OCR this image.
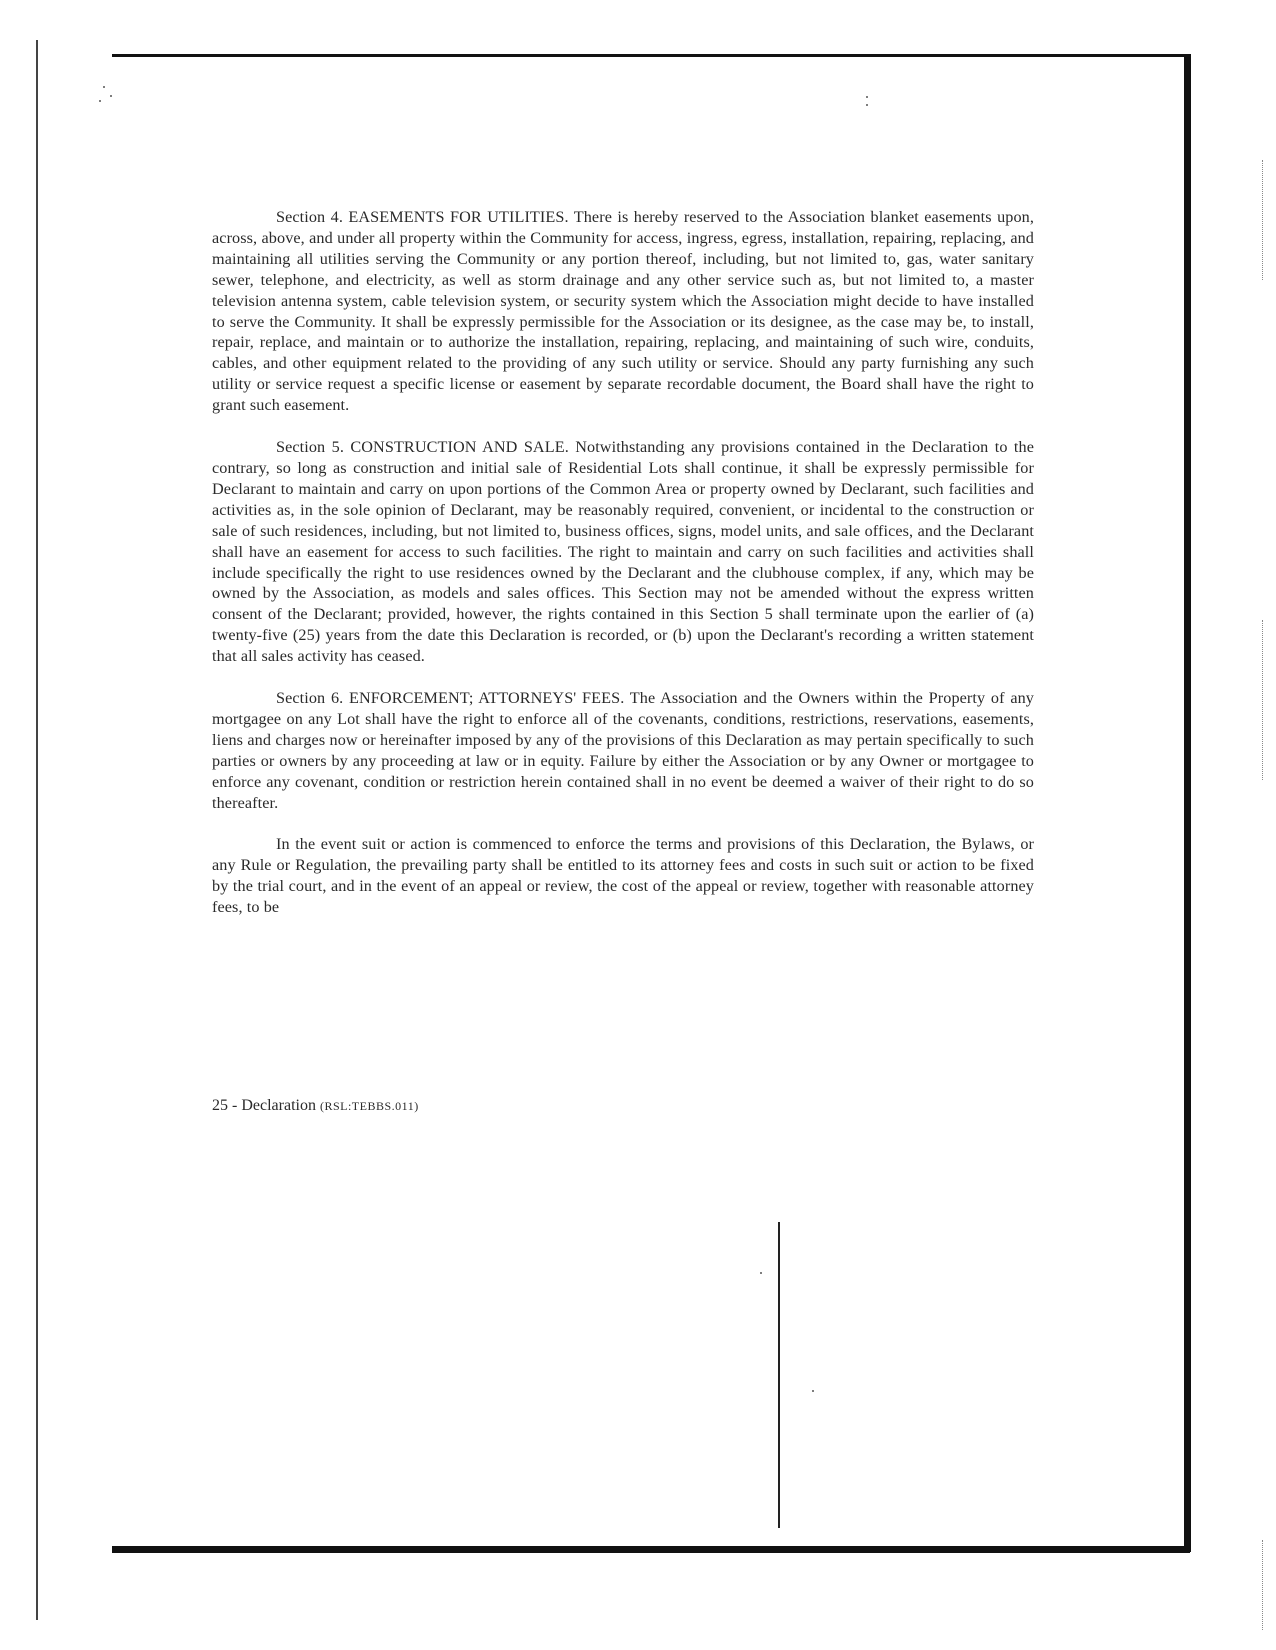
Section 4. EASEMENTS FOR UTILITIES. There is hereby reserved to the Association blanket easements upon, across, above, and under all property within the Community for access, ingress, egress, installation, repairing, replacing, and maintaining all utilities serving the Community or any portion thereof, including, but not limited to, gas, water sanitary sewer, telephone, and electricity, as well as storm drainage and any other service such as, but not limited to, a master television antenna system, cable television system, or security system which the Association might decide to have installed to serve the Community. It shall be expressly permissible for the Association or its designee, as the case may be, to install, repair, replace, and maintain or to authorize the installation, repairing, replacing, and maintaining of such wire, conduits, cables, and other equipment related to the providing of any such utility or service. Should any party furnishing any such utility or service request a specific license or easement by separate recordable document, the Board shall have the right to grant such easement.

Section 5. CONSTRUCTION AND SALE. Notwithstanding any provisions contained in the Declaration to the contrary, so long as construction and initial sale of Residential Lots shall continue, it shall be expressly permissible for Declarant to maintain and carry on upon portions of the Common Area or property owned by Declarant, such facilities and activities as, in the sole opinion of Declarant, may be reasonably required, convenient, or incidental to the construction or sale of such residences, including, but not limited to, business offices, signs, model units, and sale offices, and the Declarant shall have an easement for access to such facilities. The right to maintain and carry on such facilities and activities shall include specifically the right to use residences owned by the Declarant and the clubhouse complex, if any, which may be owned by the Association, as models and sales offices. This Section may not be amended without the express written consent of the Declarant; provided, however, the rights contained in this Section 5 shall terminate upon the earlier of (a) twenty-five (25) years from the date this Declaration is recorded, or (b) upon the Declarant's recording a written statement that all sales activity has ceased.

Section 6. ENFORCEMENT; ATTORNEYS' FEES. The Association and the Owners within the Property of any mortgagee on any Lot shall have the right to enforce all of the covenants, conditions, restrictions, reservations, easements, liens and charges now or hereinafter imposed by any of the provisions of this Declaration as may pertain specifically to such parties or owners by any proceeding at law or in equity. Failure by either the Association or by any Owner or mortgagee to enforce any covenant, condition or restriction herein contained shall in no event be deemed a waiver of their right to do so thereafter.

In the event suit or action is commenced to enforce the terms and provisions of this Declaration, the Bylaws, or any Rule or Regulation, the prevailing party shall be entitled to its attorney fees and costs in such suit or action to be fixed by the trial court, and in the event of an appeal or review, the cost of the appeal or review, together with reasonable attorney fees, to be

25 - Declaration (RSL:TEBBS.011)
